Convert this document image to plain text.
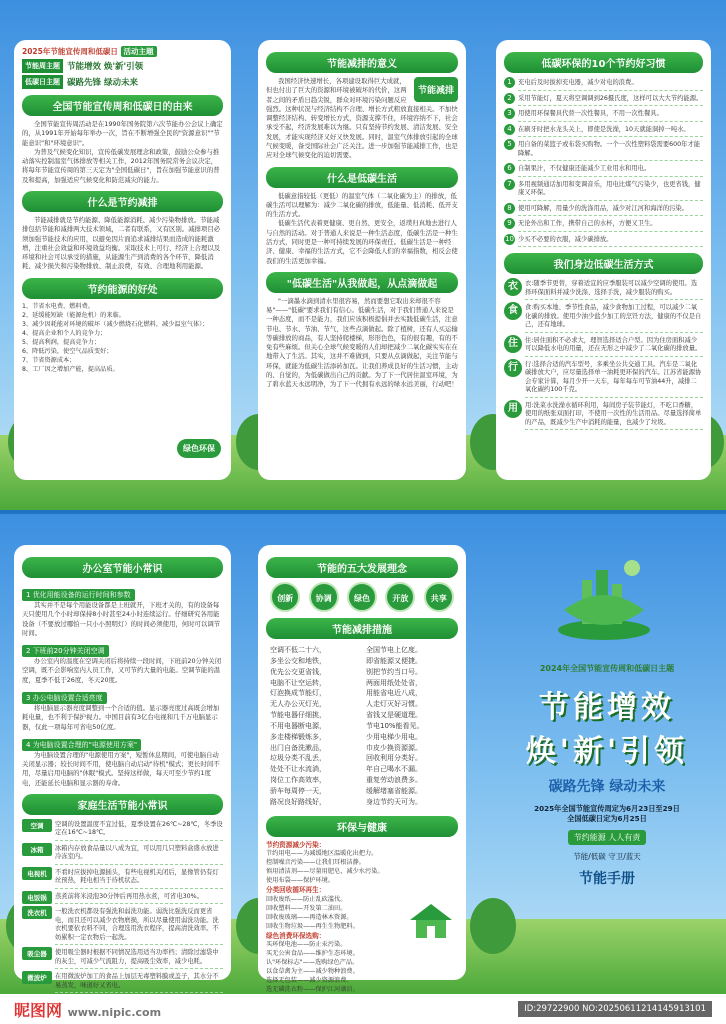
2025年节能宣传周和低碳日 活动主题
节能周主题 节能增效 焕'新'引领
低碳日主题 碳路先锋 绿动未来
全国节能宣传周和低碳日的由来

全国节能宣传周活动是在1990年国务院第六次节能办公会议上确定的，从1991年开始每年举办一次，旨在不断增强全民的"资源意识""节能意识"和"环境意识"。

为普及气候变化知识，宣传低碳发展理念和政策，鼓励公众参与推动落实控制温室气体排放等相关工作，2012年国务院常务会议决定，将每年节能宣传周的第三天定为"全国低碳日"，旨在加强节能意识的普及和提高，加强适应气候变化和防范减灾的能力。

什么是节约减排

节能减排就是节约能源、降低能源消耗、减少污染物排放。节能减排包括节能和减排两大技术领域，二者有联系，又有区别。减排项目必须加强节能技术的应用，以避免因片面追求减排结果而造成的能耗激增，注重社会效益和环境效益均衡。采取技术上可行、经济上合理以及环境和社会可以承受的措施，从能源生产到消费的各个环节，降低消耗、减少损失和污染物排放、制止浪费，有效、合理地利用能源。

节约能源的好处
1、节省水电费、燃料费。
2、延缓能短缺（能源危机）的来临。
3、减少因耗能对环境的破坏（减少燃烧石化燃料，减少温室气体）；
4、提高企业和个人的竞争力；
5、提高利润，提高竞争力；
6、降低污染，使空气品质变好；
7、节省资源成本；
8、工厂因之增加产能，提高品质。
绿色环保
节能减排的意义
节能减排

我国经济快速增长，各项建设取得巨大成就，但也付出了巨大的资源和环境被破坏的代价，这两者之间的矛盾日趋尖锐，群众对环境污染问题反应强烈。这种状况与经济结构不合理、增长方式粗放直接相关。不加快调整经济结构、转变增长方式，资源支撑不住，环境容纳不下，社会承受不起，经济发展难以为继。只有坚持节约发展、清洁发展、安全发展，才能实现经济又好又快发展。同时，温室气体排放引起的全球气候变暖，备受国际社会广泛关注。进一步加强节能减排工作，也是应对全球气候变化的迫切需要。

什么是低碳生活

低碳意指较低（更低）的温室气体（二氧化碳为主）的排放，低碳生活可以理解为：减少二氧化碳的排放，低能量、低消耗、低开支的生活方式。

低碳生活代表着更健康、更自然、更安全，返璞归真地去进行人与自然的活动。对于普通人来说是一种生活态度，低碳生活是一种生活方式，同时更是一种可持续发展的环保责任。低碳生活是一种经济、健康、幸福的生活方式，它不会降低人们的幸福指数，相反会使我们的生活更加幸福。

"低碳生活"从我做起，从点滴做起

"一滴墨水滴到清水里很容易，然而要想它取出来却很不容易"——"低碳"要求我们有信心。低碳生活，对于我们普通人来说是一种态度，而不是能力，我们应该积极提倡并去实践低碳生活，注意节电、节水、节油、节气，这些点滴做起。除了植树，还有人买运输等碳排放的商品，有人坚持爬楼梯，形形色色，有的很有趣，有的不免有些麻烦。但关心全球气候变暖的人们却把减少二氧化碳实实在在地带入了生活。其实，这并不难做到，只要从点滴做起，关注节能与环保，就能为低碳生活添砖加瓦。让我们养成良好的生活习惯，主动的、自觉的，为低碳做出自己的贡献。为了下一代居住温室环境，为了碧水蓝天永远明净，为了下一代拥有永远的绿水远美丽，行动吧！

低碳环保的10个节约好习惯
1 充电后及时拔掉充电器，减少对电的浪费。
2 采用节能灯，夏天将空调调到26摄氏度，这样可以大大节约能源。
3 用使用环保餐具代替一次性餐具，不用一次性餐具。
4 在刷牙时把水龙头关上，即使是洗澡，10天就能洞掉一吨水。
5 用自备的菜篮子或布袋买购物。一个一次性塑料袋需要600年才能降解。
6 自制果汁，不仅健康还能减少工业用水和用电。
7 多用视频通话加用和变调音乐，用电比煤气污染少，也更省钱，健康又环保。
8 使用可降解，用量少的洗涤用品，减少对江河和海洋的污染。
9 无论外出和工作，携带自己的水杯，方便又卫生。
10 少买不必要的衣服，减少碳排放。
我们身边低碳生活方式
衣	衣:随季节更替，穿着适宜的应季服装可以减少空调的使用。选择环保面料并减少洗涤、选择手洗，减少服装的购买。
食	食:购买本地、季节性食品，减少食物加工过程，可以减少二氧化碳的排放。使用少油少盐少加工的烹饪方法，健康的不仅是自己，还有地球。
住	住:居住面积不必求大，理智选择适合户型。因为住房面积减少可以降低水电的用量，还在无形之中减少了二氧化碳的排放量。
行	行:选择合适的汽车型号，多乘坐公共交通工具。汽车是二氧化碳排放大户，应尽量选择单一油耗更环保的汽车。江苏省能源协会专家计算，每月少开一天车，每年每车可节油44升，减排二氧化碳约100千克。
用	用:洗菜水洗澡水循环利用，每间房子装节能灯，不吃口香糖，使用的纸张双面打印，不使用一次性的生活用品。尽量选择简单的产品，既减少生产中消耗的能量，也减少了垃圾。
办公室节能小常识
1 优化用能设备的运行时间和参数

其实并不是每个用能设备都是上班就开，下班才关的，有的设备每天只使用几个小时却保持8小时甚至24小时连续运行。仔细研究各用能设备（不要放过哪怕一只小小照明灯）的时间必须使用，何时可以调节时间。

2 下班前20分钟关闭空调

办公室内的温度在空调关闭后将持续一段时间，下班前20分钟关闭空调，既不会影响室内人员工作，又可节约大量的电能。空调节能的温度，夏季不低于26度，冬天20度。

3 办公电脑设置合适亮度

将电脑显示器亮度调整到一个合适的值。显示器亮度过高既会增加耗电量，也不利于保护视力。中国目前有3亿台电视和几千万电脑显示器，仅此一项每年可省电50亿度。

4 为电脑设置合理的"电源使用方案"

为电脑设置合理的"电源使用方案"，短暂休息期间，可使电脑自动关闭显示器；较长时间不用，使电脑自动启动"待机"模式；更长时间不用，尽量启用电脑的"休眠"模式。坚持这样做，每天可至少节约1度电，还能延长电脑和显示器的寿命。

家庭生活节能小常识
空调	空调的设置温度不宜过低，夏季设置在26℃~28℃，冬季设定在16℃~18℃。
冰箱	冰箱内存放食品量以八成为宜，可以用几只塑料盒盛水放进冷冻室内。
电视机	不看时应拔掉电源插头，有些电视机关闭后，显像管仍有灯丝预热，耗电相当于待机状态。
电饭锅	蒸煮前将米浸泡30分钟后再用热水煮，可省电30%。
洗衣机	一般洗衣机都设有强洗和弱洗功能。弱洗比强洗反而更省电，而且还可以减少衣物磨损，所以尽量使用弱洗功能。洗衣机要依衣料不同，合理选用洗衣程序，提高清洗效率。不妨累积一定衣物后一起洗。
吸尘器	使用吸尘器时根据不同情况选用适当功率档；清除过滤袋中的灰尘，可减少气流阻力，提高吸尘效率，减少电耗。
微波炉	在用微波炉加工的食品上加层无毒塑料膜或盖子，其水分不易蒸发，味道好又省电。
节能的五大发展理念
创新	协调	绿色	开放	共享
节能减排措施
空调不低二十六，
多坐公交和地铁，
优先公交更省钱，
电脑不让空运转，
灯泡换成节能灯，
无人办公灭灯光，
节能电器仔细挑，
不用电器断电源，
多走楼梯锻炼多，
出门自备洗漱品，
垃圾分类不乱丢，
处处不让水流淌，
岗位工作高效率，
骄车每周停一天，
路况良好路线好，
全国节电上亿度。
即省能源又便捷。
别把节约当口号。
两面用纸处处省，
用能省电近八成，
人走灯灭好习惯。
省钱又是硬道理。
节电10%能看见。
少用电梯少用电。
巾皮少换资源源。
回收利用分类好。
年自己喝水不漏。
重复劳动浪费多。
缓解堵塞省能源。
身边节约天可为。
环保与健康
节约资源减少污染：
节约用电——为减缓地区温暖化出把力。
控制噪音污染——让我们耳根洁静。
慎用清洁剂——尽量用肥皂，减少水污染。
使用布袋——保护环境。
分类回收循环再生：
回收废纸——防止乱砍滥伐。
回收塑料——开发第二油田。
回收废玻璃——再造林木资源。
回收生物垃圾——再生生物肥料。
绿色消费环保选购：
买环保电池——防止汞污染。
买无公害食品——维护生态环境。
认"环保标志"——选购绿色产品。
以食草禽为主——减少物种浪费。
选择无包装——减少资源浪费。
选无磷洗衣粉——保护江河湖泊。
2024年全国节能宣传周和低碳日主题
节能增效
焕'新'引领
碳路先锋 绿动未来
2025年全国节能宣传周定为6月23日至29日
全国低碳日定为6月25日
节约能源 人人有责
节能/低碳 守卫/蓝天
节能手册
昵图网 www.nipic.com	ID:29722900 NO:20250611214145913101
